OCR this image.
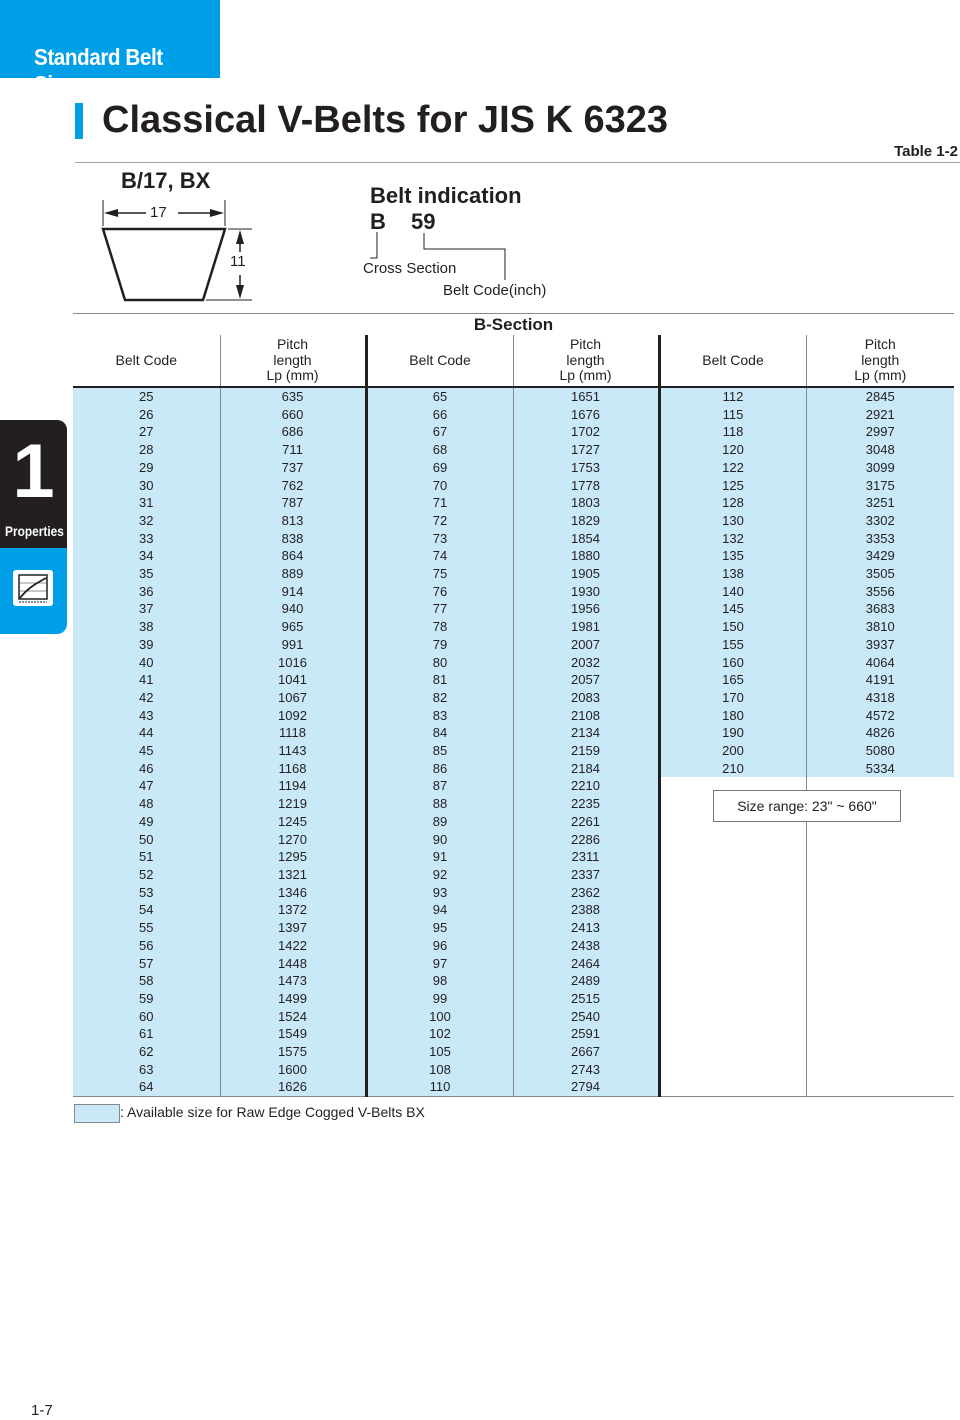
Standard Belt Sizes
Classical V-Belts for JIS K 6323
Table 1-2
B/17, BX
17
11
Belt indication
B 59
Cross Section
Belt Code(inch)
1
Properties
B-Section					
Belt Code	Pitch
length
Lp (mm)	Belt Code	Pitch
length
Lp (mm)	Belt Code	Pitch
length
Lp (mm)
25	635	65	1651	112	2845
26	660	66	1676	115	2921
27	686	67	1702	118	2997
28	711	68	1727	120	3048
29	737	69	1753	122	3099
30	762	70	1778	125	3175
31	787	71	1803	128	3251
32	813	72	1829	130	3302
33	838	73	1854	132	3353
34	864	74	1880	135	3429
35	889	75	1905	138	3505
36	914	76	1930	140	3556
37	940	77	1956	145	3683
38	965	78	1981	150	3810
39	991	79	2007	155	3937
40	1016	80	2032	160	4064
41	1041	81	2057	165	4191
42	1067	82	2083	170	4318
43	1092	83	2108	180	4572
44	1118	84	2134	190	4826
45	1143	85	2159	200	5080
46	1168	86	2184	210	5334
47	1194	87	2210		
48	1219	88	2235		
49	1245	89	2261		
50	1270	90	2286		
51	1295	91	2311		
52	1321	92	2337		
53	1346	93	2362		
54	1372	94	2388		
55	1397	95	2413		
56	1422	96	2438		
57	1448	97	2464		
58	1473	98	2489		
59	1499	99	2515		
60	1524	100	2540		
61	1549	102	2591		
62	1575	105	2667		
63	1600	108	2743		
64	1626	110	2794		
Size range: 23" ~ 660"
: Available size for Raw Edge Cogged V-Belts BX
1-7
